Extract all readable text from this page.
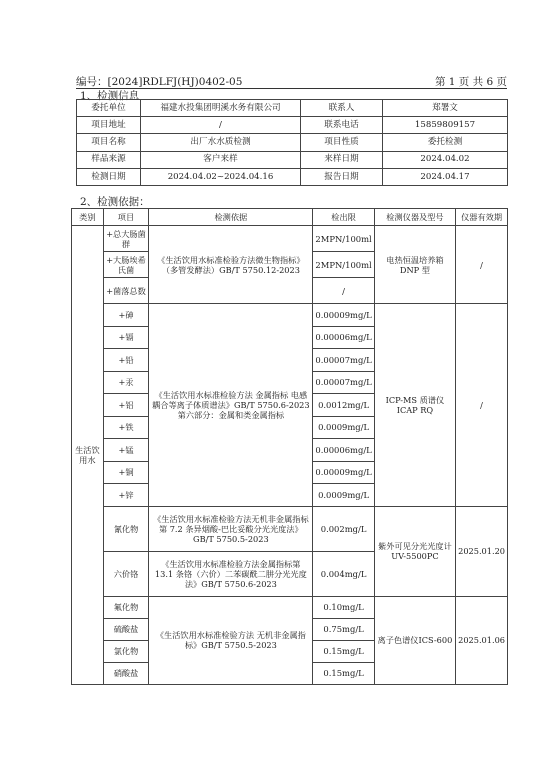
编号：[2024]RDLFJ(HJ)0402-05	第 1 页 共 6 页
1、检测信息
委托单位	福建水投集团明溪水务有限公司	联系人	郑署文
项目地址	/	联系电话	15859809157
项目名称	出厂水水质检测	项目性质	委托检测
样品来源	客户来样	来样日期	2024.04.02
检测日期	2024.04.02~2024.04.16	报告日期	2024.04.17
2、检测依据：
类别	项目	检测依据	检出限	检测仪器及型号	仪器有效期
生活饮用水	+总大肠菌群	《生活饮用水标准检验方法微生物指标》（多管发酵法）GB/T 5750.12-2023	2MPN/100ml	电热恒温培养箱DNP 型	/
	+大肠埃希氏菌		2MPN/100ml		
	+菌落总数		/		
	+砷	《生活饮用水标准检验方法 金属指标 电感耦合等离子体质谱法》GB/T 5750.6-2023 第六部分：金属和类金属指标	0.00009mg/L	ICP-MS 质谱仪ICAP RQ	/
	+镉		0.00006mg/L		
	+铅		0.00007mg/L		
	+汞		0.00007mg/L		
	+铝		0.0012mg/L		
	+铁		0.0009mg/L		
	+锰		0.00006mg/L		
	+铜		0.00009mg/L		
	+锌		0.0009mg/L		
	氰化物	《生活饮用水标准检验方法无机非金属指标 第 7.2 条异烟酸-巴比妥酸分光光度法》GB/T 5750.5-2023	0.002mg/L	紫外可见分光光度计 UV-5500PC	2025.01.20
	六价铬	《生活饮用水标准检验方法金属指标第 13.1 条铬（六价）二苯碳酰二肼分光光度法》GB/T 5750.6-2023	0.004mg/L		
	氟化物	《生活饮用水标准检验方法 无机非金属指标》GB/T 5750.5-2023	0.10mg/L	离子色谱仪ICS-600	2025.01.06
	硫酸盐		0.75mg/L		
	氯化物		0.15mg/L		
	硝酸盐		0.15mg/L		
